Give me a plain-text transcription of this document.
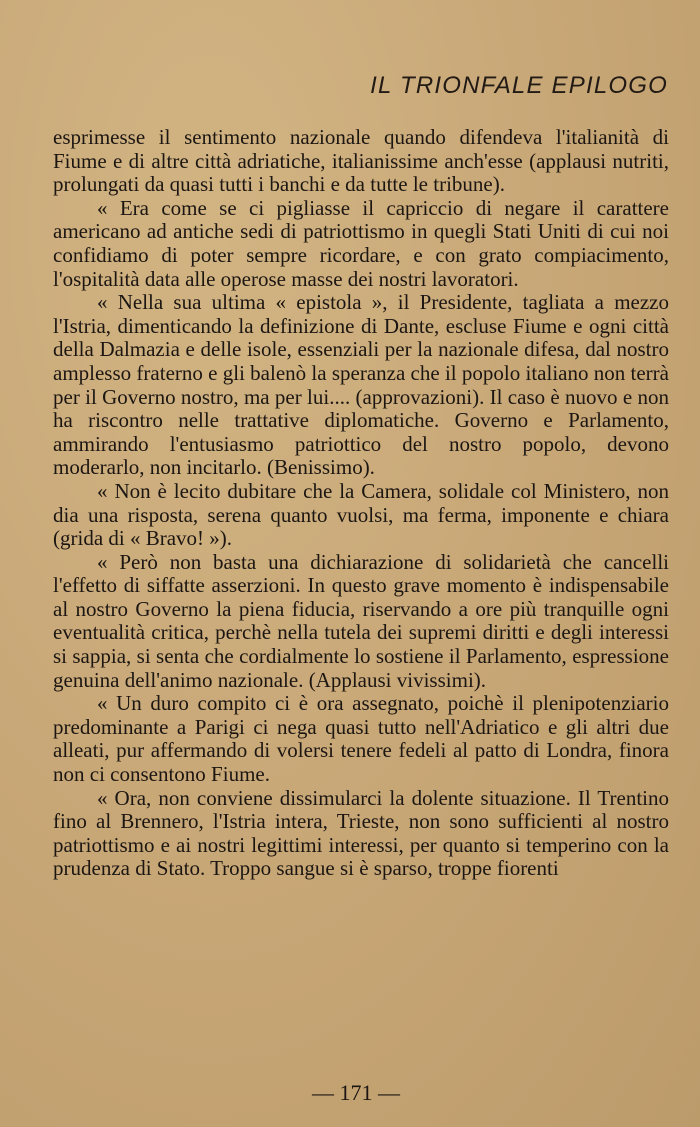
IL TRIONFALE EPILOGO

esprimesse il sentimento nazionale quando difendeva l'italianità di Fiume e di altre città adriatiche, italianissime anch'esse (applausi nutriti, prolungati da quasi tutti i banchi e da tutte le tribune).

« Era come se ci pigliasse il capriccio di negare il carattere americano ad antiche sedi di patriottismo in quegli Stati Uniti di cui noi confidiamo di poter sempre ricordare, e con grato compiacimento, l'ospitalità data alle operose masse dei nostri lavoratori.

« Nella sua ultima « epistola », il Presidente, tagliata a mezzo l'Istria, dimenticando la definizione di Dante, escluse Fiume e ogni città della Dalmazia e delle isole, essenziali per la nazionale difesa, dal nostro amplesso fraterno e gli balenò la speranza che il popolo italiano non terrà per il Governo nostro, ma per lui.... (approvazioni). Il caso è nuovo e non ha riscontro nelle trattative diplomatiche. Governo e Parlamento, ammirando l'entusiasmo patriottico del nostro popolo, devono moderarlo, non incitarlo. (Benissimo).

« Non è lecito dubitare che la Camera, solidale col Ministero, non dia una risposta, serena quanto vuolsi, ma ferma, imponente e chiara (grida di « Bravo! »).

« Però non basta una dichiarazione di solidarietà che cancelli l'effetto di siffatte asserzioni. In questo grave momento è indispensabile al nostro Governo la piena fiducia, riservando a ore più tranquille ogni eventualità critica, perchè nella tutela dei supremi diritti e degli interessi si sappia, si senta che cordialmente lo sostiene il Parlamento, espressione genuina dell'animo nazionale. (Applausi vivissimi).

« Un duro compito ci è ora assegnato, poichè il plenipotenziario predominante a Parigi ci nega quasi tutto nell'Adriatico e gli altri due alleati, pur affermando di volersi tenere fedeli al patto di Londra, finora non ci consentono Fiume.

« Ora, non conviene dissimularci la dolente situazione. Il Trentino fino al Brennero, l'Istria intera, Trieste, non sono sufficienti al nostro patriottismo e ai nostri legittimi interessi, per quanto si temperino con la prudenza di Stato. Troppo sangue si è sparso, troppe fiorenti

— 171 —
